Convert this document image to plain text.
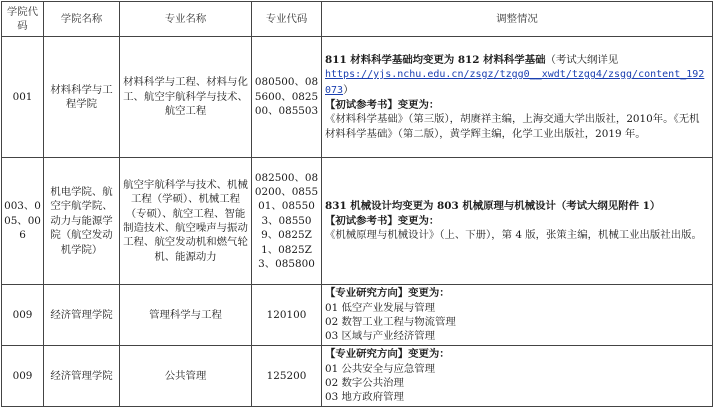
学院代码	学院名称	专业名称	专业代码	调整情况
001	材料科学与工程学院	材料科学与工程、材料与化工、航空宇航科学与技术、航空工程	080500、085600、082500、085503	811 材料科学基础均变更为 812 材料科学基础（考试大纲详见
https://yjs.nchu.edu.cn/zsgz/tzgg0__xwdt/tzgg4/zsgg/content_192073）
【初试参考书】变更为：
《材料科学基础》（第三版），胡赓祥主编，上海交通大学出版社，2010年。《无机材料科学基础》（第二版），黄学辉主编，化学工业出版社，2019 年。

003、005、006	机电学院、航空宇航学院、动力与能源学院（航空发动机学院）	航空宇航科学与技术、机械工程（学硕）、机械工程（专硕）、航空工程、智能制造技术、航空噪声与振动工程、航空发动机和燃气轮机、能源动力	082500、080200、085501、085503、085509、0825Z1、0825Z3、085800	831 机械设计均变更为 803 机械原理与机械设计（考试大纲见附件 1）
【初试参考书】变更为：
《机械原理与机械设计》（上、下册），第 4 版，张策主编，机械工业出版社出版。

009	经济管理学院	管理科学与工程	120100	【专业研究方向】变更为：
01 低空产业发展与管理
02 数智工业工程与物流管理
03 区域与产业经济管理

009	经济管理学院	公共管理	125200	【专业研究方向】变更为：
01 公共安全与应急管理
02 数字公共治理
03 地方政府管理
